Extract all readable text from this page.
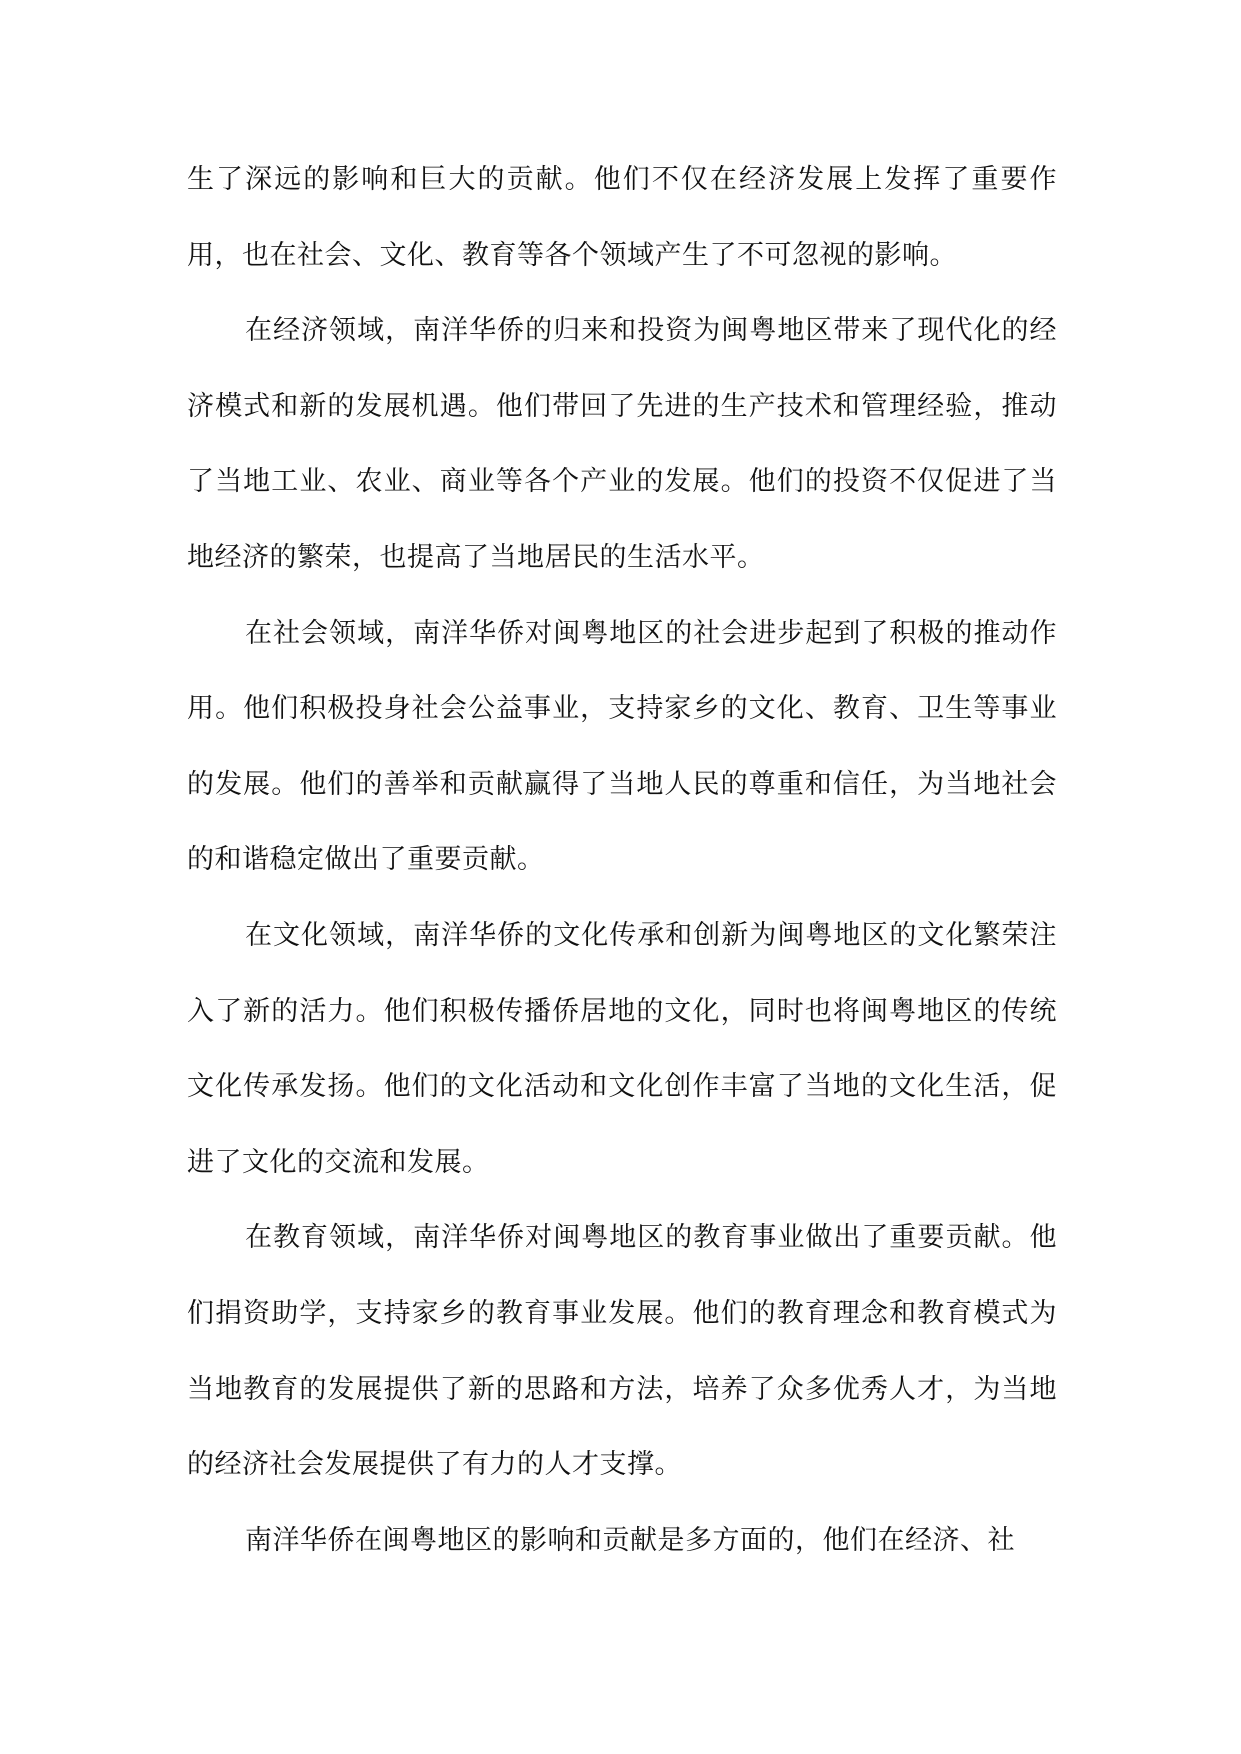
生了深远的影响和巨大的贡献。他们不仅在经济发展上发挥了重要作用，也在社会、文化、教育等各个领域产生了不可忽视的影响。

在经济领域，南洋华侨的归来和投资为闽粤地区带来了现代化的经济模式和新的发展机遇。他们带回了先进的生产技术和管理经验，推动了当地工业、农业、商业等各个产业的发展。他们的投资不仅促进了当地经济的繁荣，也提高了当地居民的生活水平。

在社会领域，南洋华侨对闽粤地区的社会进步起到了积极的推动作用。他们积极投身社会公益事业，支持家乡的文化、教育、卫生等事业的发展。他们的善举和贡献赢得了当地人民的尊重和信任，为当地社会的和谐稳定做出了重要贡献。

在文化领域，南洋华侨的文化传承和创新为闽粤地区的文化繁荣注入了新的活力。他们积极传播侨居地的文化，同时也将闽粤地区的传统文化传承发扬。他们的文化活动和文化创作丰富了当地的文化生活，促进了文化的交流和发展。

在教育领域，南洋华侨对闽粤地区的教育事业做出了重要贡献。他们捐资助学，支持家乡的教育事业发展。他们的教育理念和教育模式为当地教育的发展提供了新的思路和方法，培养了众多优秀人才，为当地的经济社会发展提供了有力的人才支撑。

南洋华侨在闽粤地区的影响和贡献是多方面的，他们在经济、社
